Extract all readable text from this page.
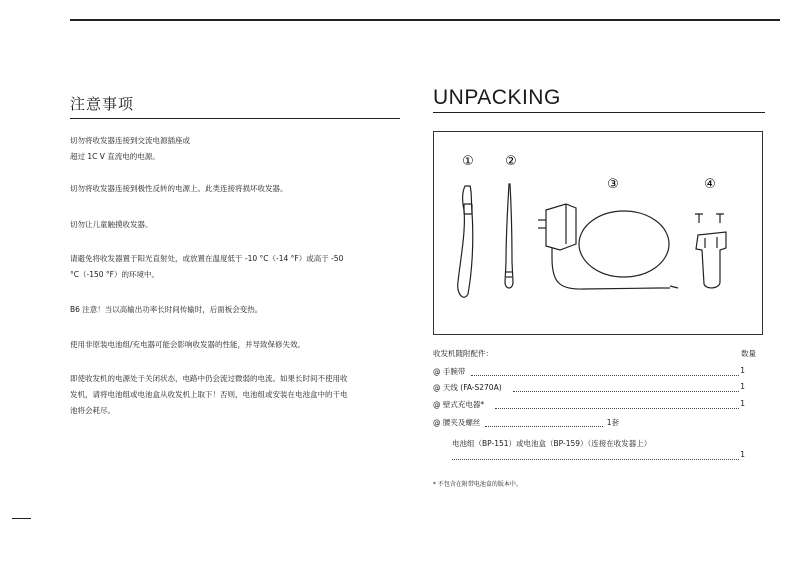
注意事项

切勿将收发器连接到交流电源插座或

超过 1C V 直流电的电源。

切勿将收发器连接到极性反转的电源上。此类连接将损坏收发器。

切勿让儿童触摸收发器。

请避免将收发器置于阳光直射处，或放置在温度低于 -10 °C（-14 °F）或高于 -50

°C（-150 °F）的环境中。

B6 注意！当以高输出功率长时间传输时，后面板会变热。

使用非原装电池组/充电器可能会影响收发器的性能，并导致保修失效。

即使收发机的电源处于关闭状态，电路中仍会流过微弱的电流。如果长时间不使用收

发机，请将电池组或电池盒从收发机上取下！否则，电池组或安装在电池盒中的干电

池将会耗尽。

UNPACKING
① ②
③	④
收发机随附配件：	数量
@ 手腕带	1
@ 天线 (FA-S270A)	1
@ 壁式充电器*	1
@ 腰夹及螺丝	1套
电池组（BP-151）或电池盒（BP-159）（连接在收发器上）
1
* 不包含在附带电池盒的版本中。
